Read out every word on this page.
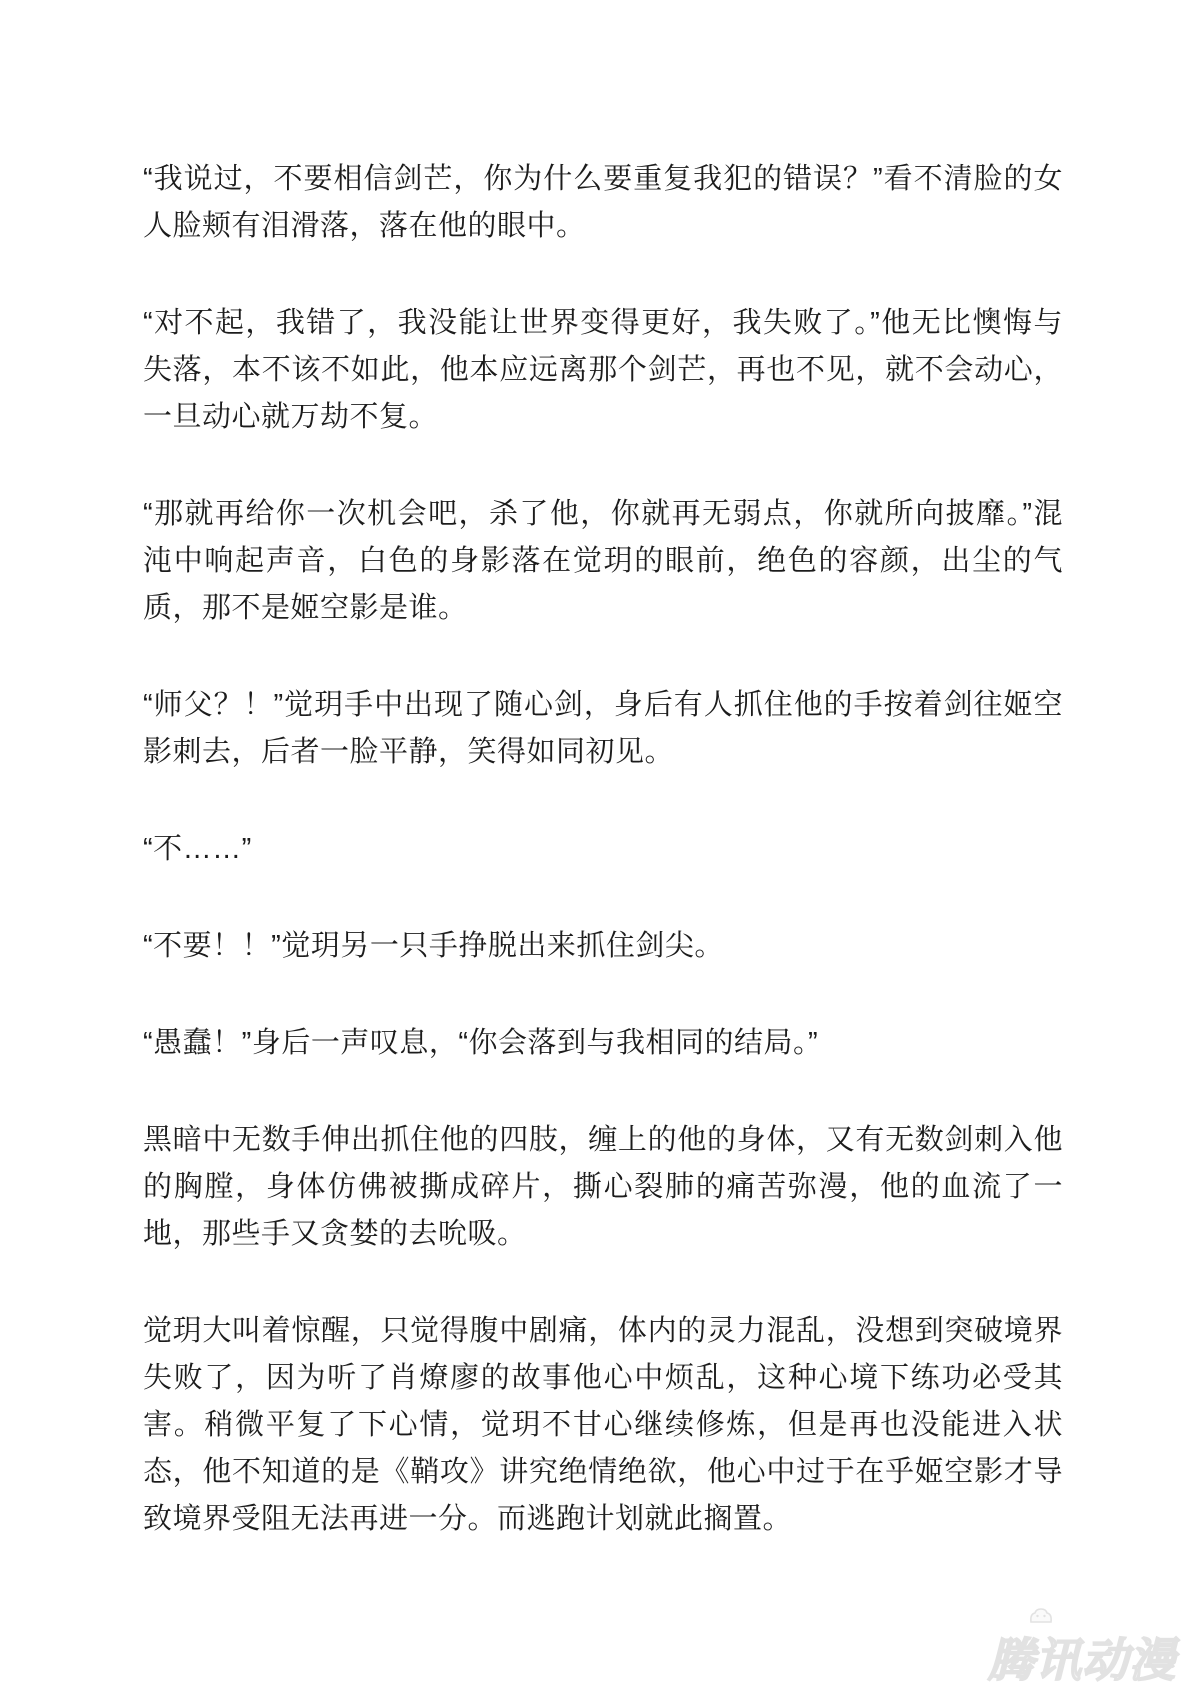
“我说过，不要相信剑芒，你为什么要重复我犯的错误？”看不清脸的女人脸颊有泪滑落，落在他的眼中。

“对不起，我错了，我没能让世界变得更好，我失败了。”他无比懊悔与失落，本不该不如此，他本应远离那个剑芒，再也不见，就不会动心，一旦动心就万劫不复。

“那就再给你一次机会吧，杀了他，你就再无弱点，你就所向披靡。”混沌中响起声音，白色的身影落在觉玥的眼前，绝色的容颜，出尘的气质，那不是姬空影是谁。

“师父？！”觉玥手中出现了随心剑，身后有人抓住他的手按着剑往姬空影刺去，后者一脸平静，笑得如同初见。

“不……”

“不要！！”觉玥另一只手挣脱出来抓住剑尖。

“愚蠢！”身后一声叹息，“你会落到与我相同的结局。”

黑暗中无数手伸出抓住他的四肢，缠上的他的身体，又有无数剑刺入他的胸膛，身体仿佛被撕成碎片，撕心裂肺的痛苦弥漫，他的血流了一地，那些手又贪婪的去吮吸。

觉玥大叫着惊醒，只觉得腹中剧痛，体内的灵力混乱，没想到突破境界失败了，因为听了肖燎廖的故事他心中烦乱，这种心境下练功必受其害。稍微平复了下心情，觉玥不甘心继续修炼，但是再也没能进入状态，他不知道的是《鞘攻》讲究绝情绝欲，他心中过于在乎姬空影才导致境界受阻无法再进一分。而逃跑计划就此搁置。

腾讯动漫
